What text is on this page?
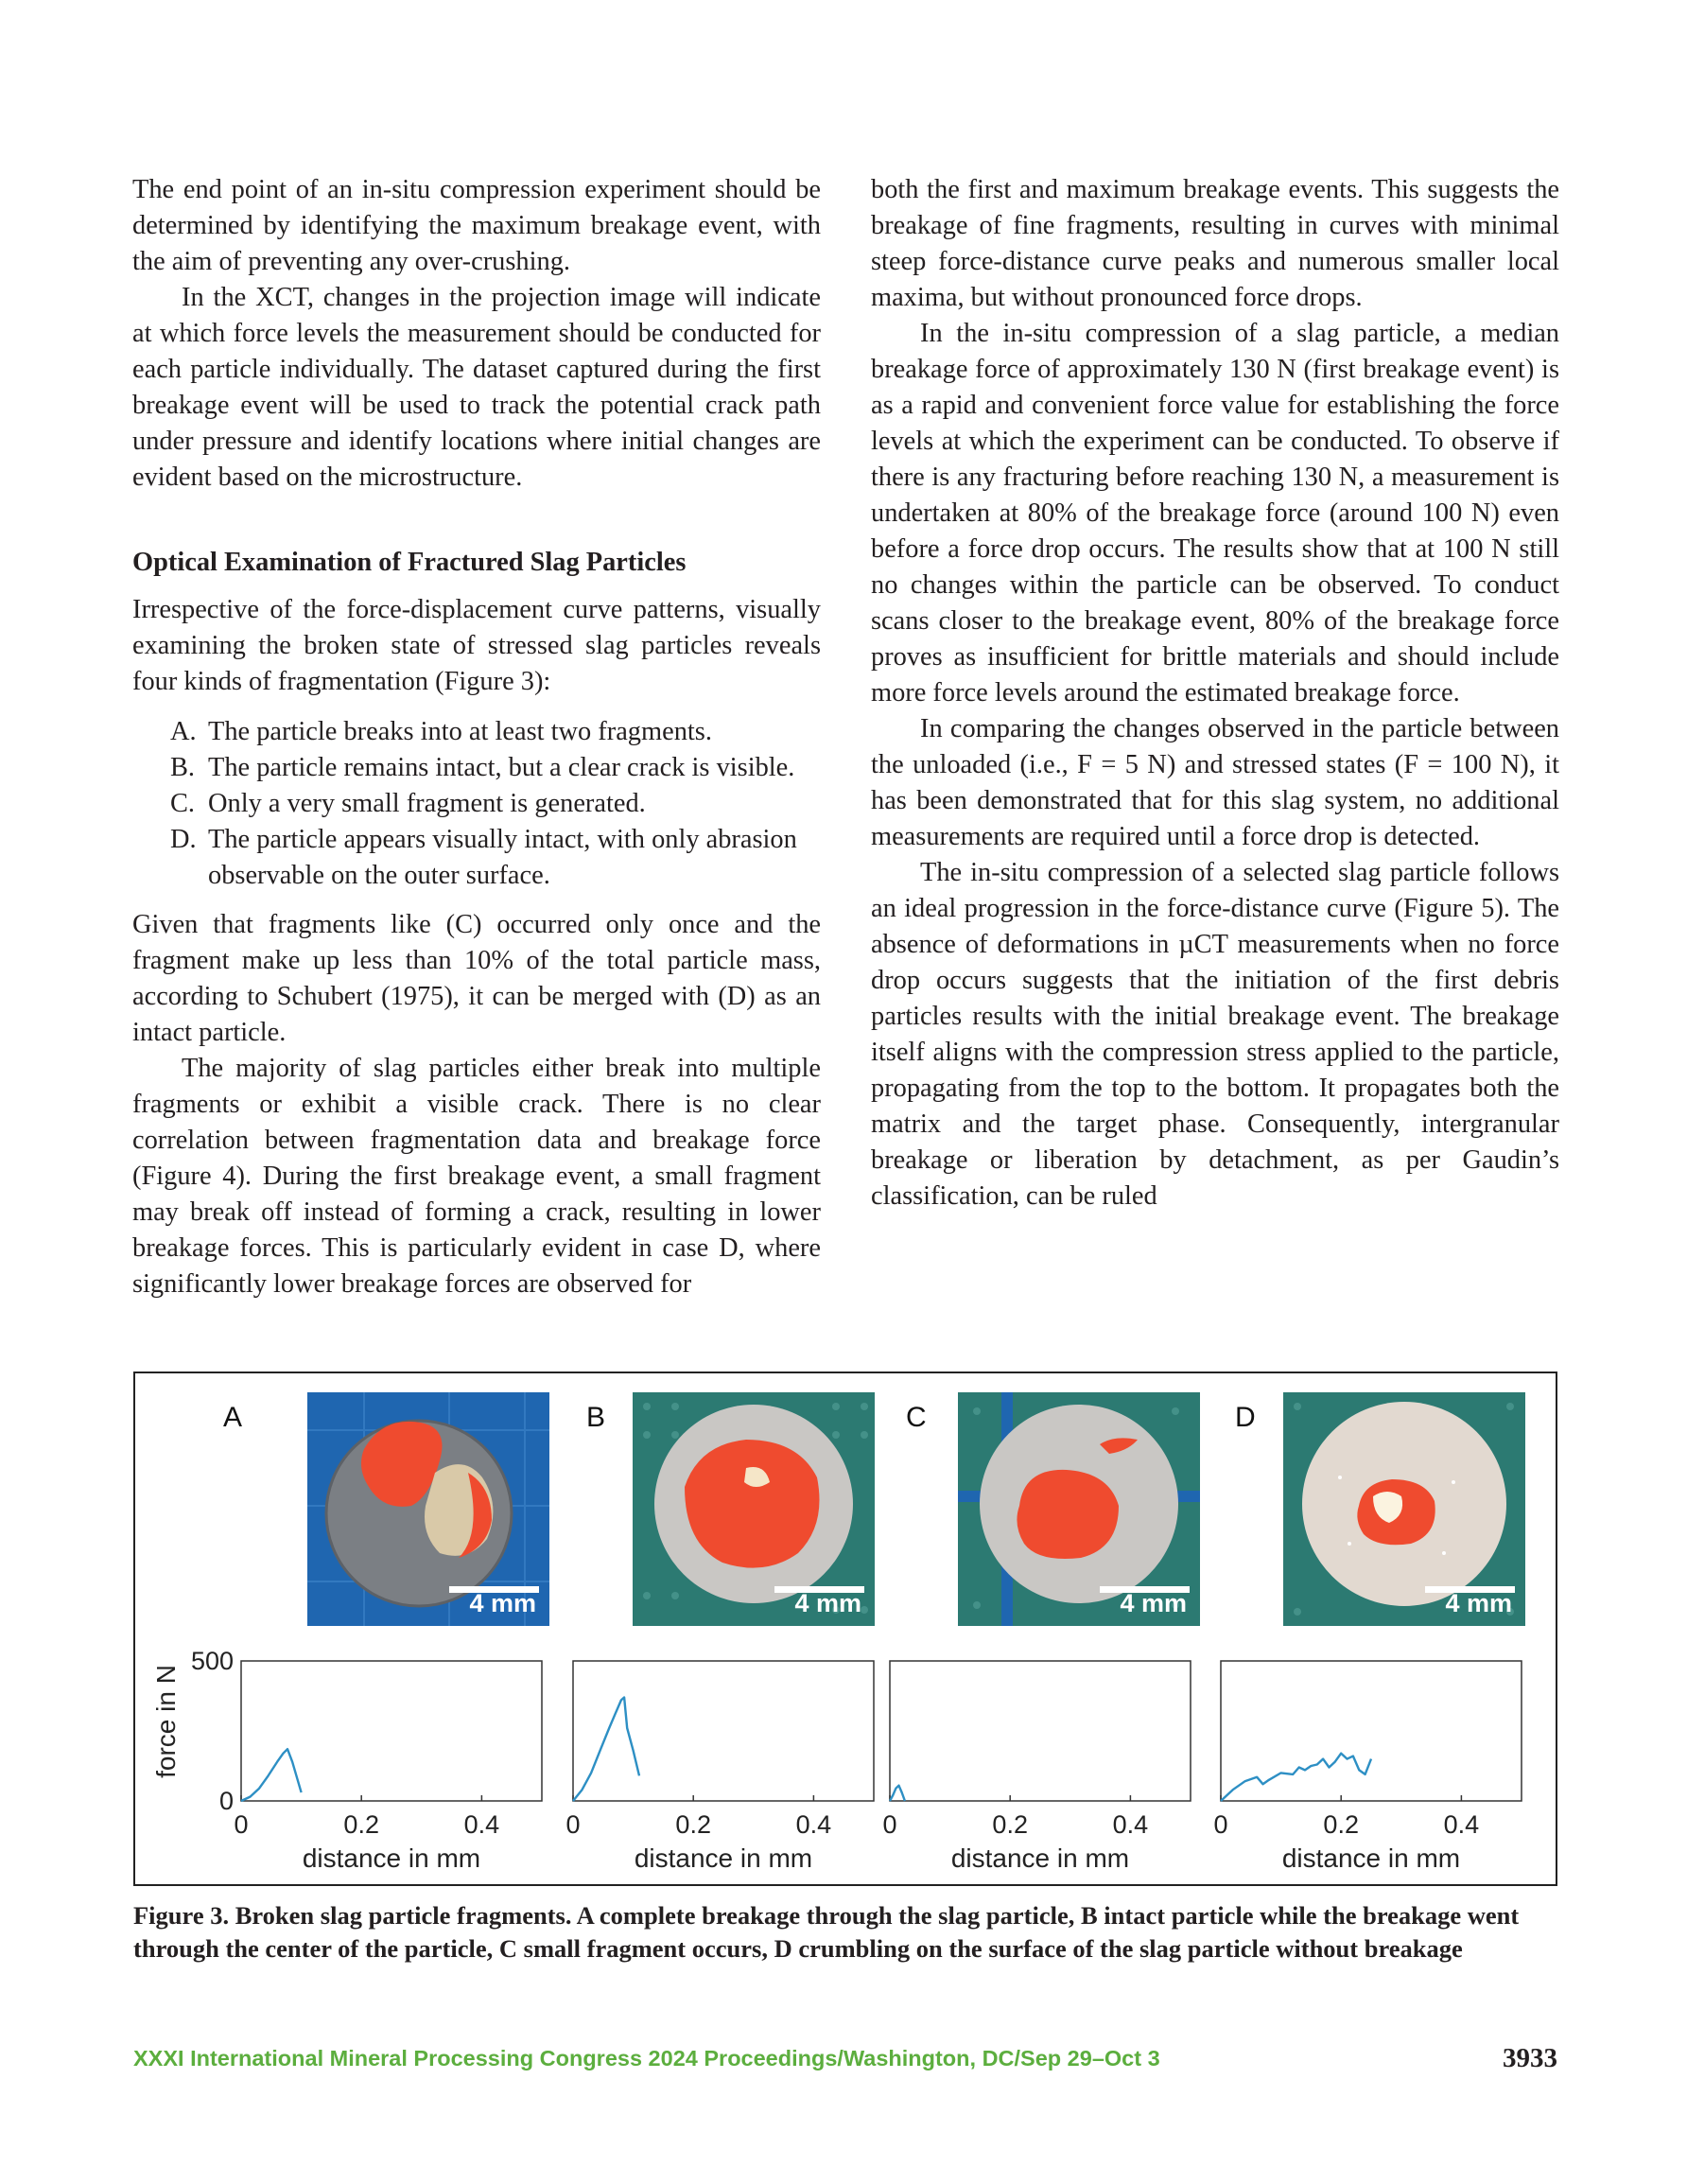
The end point of an in-situ compression experiment should be determined by identifying the maximum breakage event, with the aim of preventing any over-crushing.

In the XCT, changes in the projection image will indicate at which force levels the measurement should be conducted for each particle individually. The dataset captured during the first breakage event will be used to track the potential crack path under pressure and identify locations where initial changes are evident based on the microstructure.

Optical Examination of Fractured Slag Particles

Irrespective of the force-displacement curve patterns, visually examining the broken state of stressed slag particles reveals four kinds of fragmentation (Figure 3):

A. The particle breaks into at least two fragments.
B. The particle remains intact, but a clear crack is visible.
C. Only a very small fragment is generated.
D. The particle appears visually intact, with only abrasion observable on the outer surface.

Given that fragments like (C) occurred only once and the fragment make up less than 10% of the total particle mass, according to Schubert (1975), it can be merged with (D) as an intact particle.

The majority of slag particles either break into multiple fragments or exhibit a visible crack. There is no clear correlation between fragmentation data and breakage force (Figure 4). During the first breakage event, a small fragment may break off instead of forming a crack, resulting in lower breakage forces. This is particularly evident in case D, where significantly lower breakage forces are observed for

both the first and maximum breakage events. This suggests the breakage of fine fragments, resulting in curves with minimal steep force-distance curve peaks and numerous smaller local maxima, but without pronounced force drops.

In the in-situ compression of a slag particle, a median breakage force of approximately 130 N (first breakage event) is as a rapid and convenient force value for establishing the force levels at which the experiment can be conducted. To observe if there is any fracturing before reaching 130 N, a measurement is undertaken at 80% of the breakage force (around 100 N) even before a force drop occurs. The results show that at 100 N still no changes within the particle can be observed. To conduct scans closer to the breakage event, 80% of the breakage force proves as insufficient for brittle materials and should include more force levels around the estimated breakage force.

In comparing the changes observed in the particle between the unloaded (i.e., F = 5 N) and stressed states (F = 100 N), it has been demonstrated that for this slag system, no additional measurements are required until a force drop is detected.

The in-situ compression of a selected slag particle follows an ideal progression in the force-distance curve (Figure 5). The absence of deformations in µCT measurements when no force drop occurs suggests that the initiation of the first debris particles results with the initial breakage event. The breakage itself aligns with the compression stress applied to the particle, propagating from the top to the bottom. It propagates both the matrix and the target phase. Consequently, intergranular breakage or liberation by detachment, as per Gaudin’s classification, can be ruled

A	B	C	D
4 mm	4 mm	4 mm	4 mm
0	0.2	0.4
0
500
distance in mm
0	0.2	0.4
distance in mm
0	0.2	0.4
distance in mm
0	0.2	0.4
distance in mm
force in N
Figure 3. Broken slag particle fragments. A complete breakage through the slag particle, B intact particle while the breakage went through the center of the particle, C small fragment occurs, D crumbling on the surface of the slag particle without breakage
XXXI International Mineral Processing Congress 2024 Proceedings/Washington, DC/Sep 29–Oct 3	3933
